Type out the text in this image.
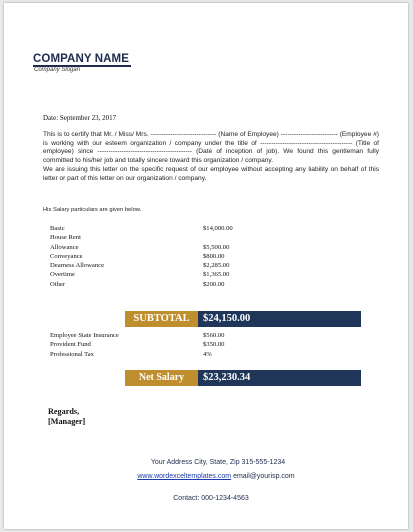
COMPANY NAME
Company Slogan
Date: September 23, 2017

This is to certify that Mr. / Miss/ Mrs. ------------------------------ (Name of Employee) -------------------------- (Employee #) is working with our esteem organization / company under the title of ------------------------------------------ (Title of employee) since ------------------------------------------- (Date of inception of job). We found this gentleman fully committed to his/her job and totally sincere toward this organization / company.

We are issuing this letter on the specific request of our employee without accepting any liability on behalf of this letter or part of this letter on our organization / company.

His Salary particulars are given below.
Basic	$14,000.00
House Rent	
Allowance	$5,500.00
Conveyance	$800.00
Dearness Allowance	$2,285.00
Overtime	$1,365.00
Other	$200.00
SUBTOTAL	$24,150.00
Employee State Insurance	$560.00
Provident Fund	$350.00
Professional Tax	4%
Net Salary	$23,230.34
Regards,
[Manager]
Your Address City, State, Zip 315-555-1234
www.wordexceltemplates.com email@yourisp.com
Contact: 000-1234-4563
